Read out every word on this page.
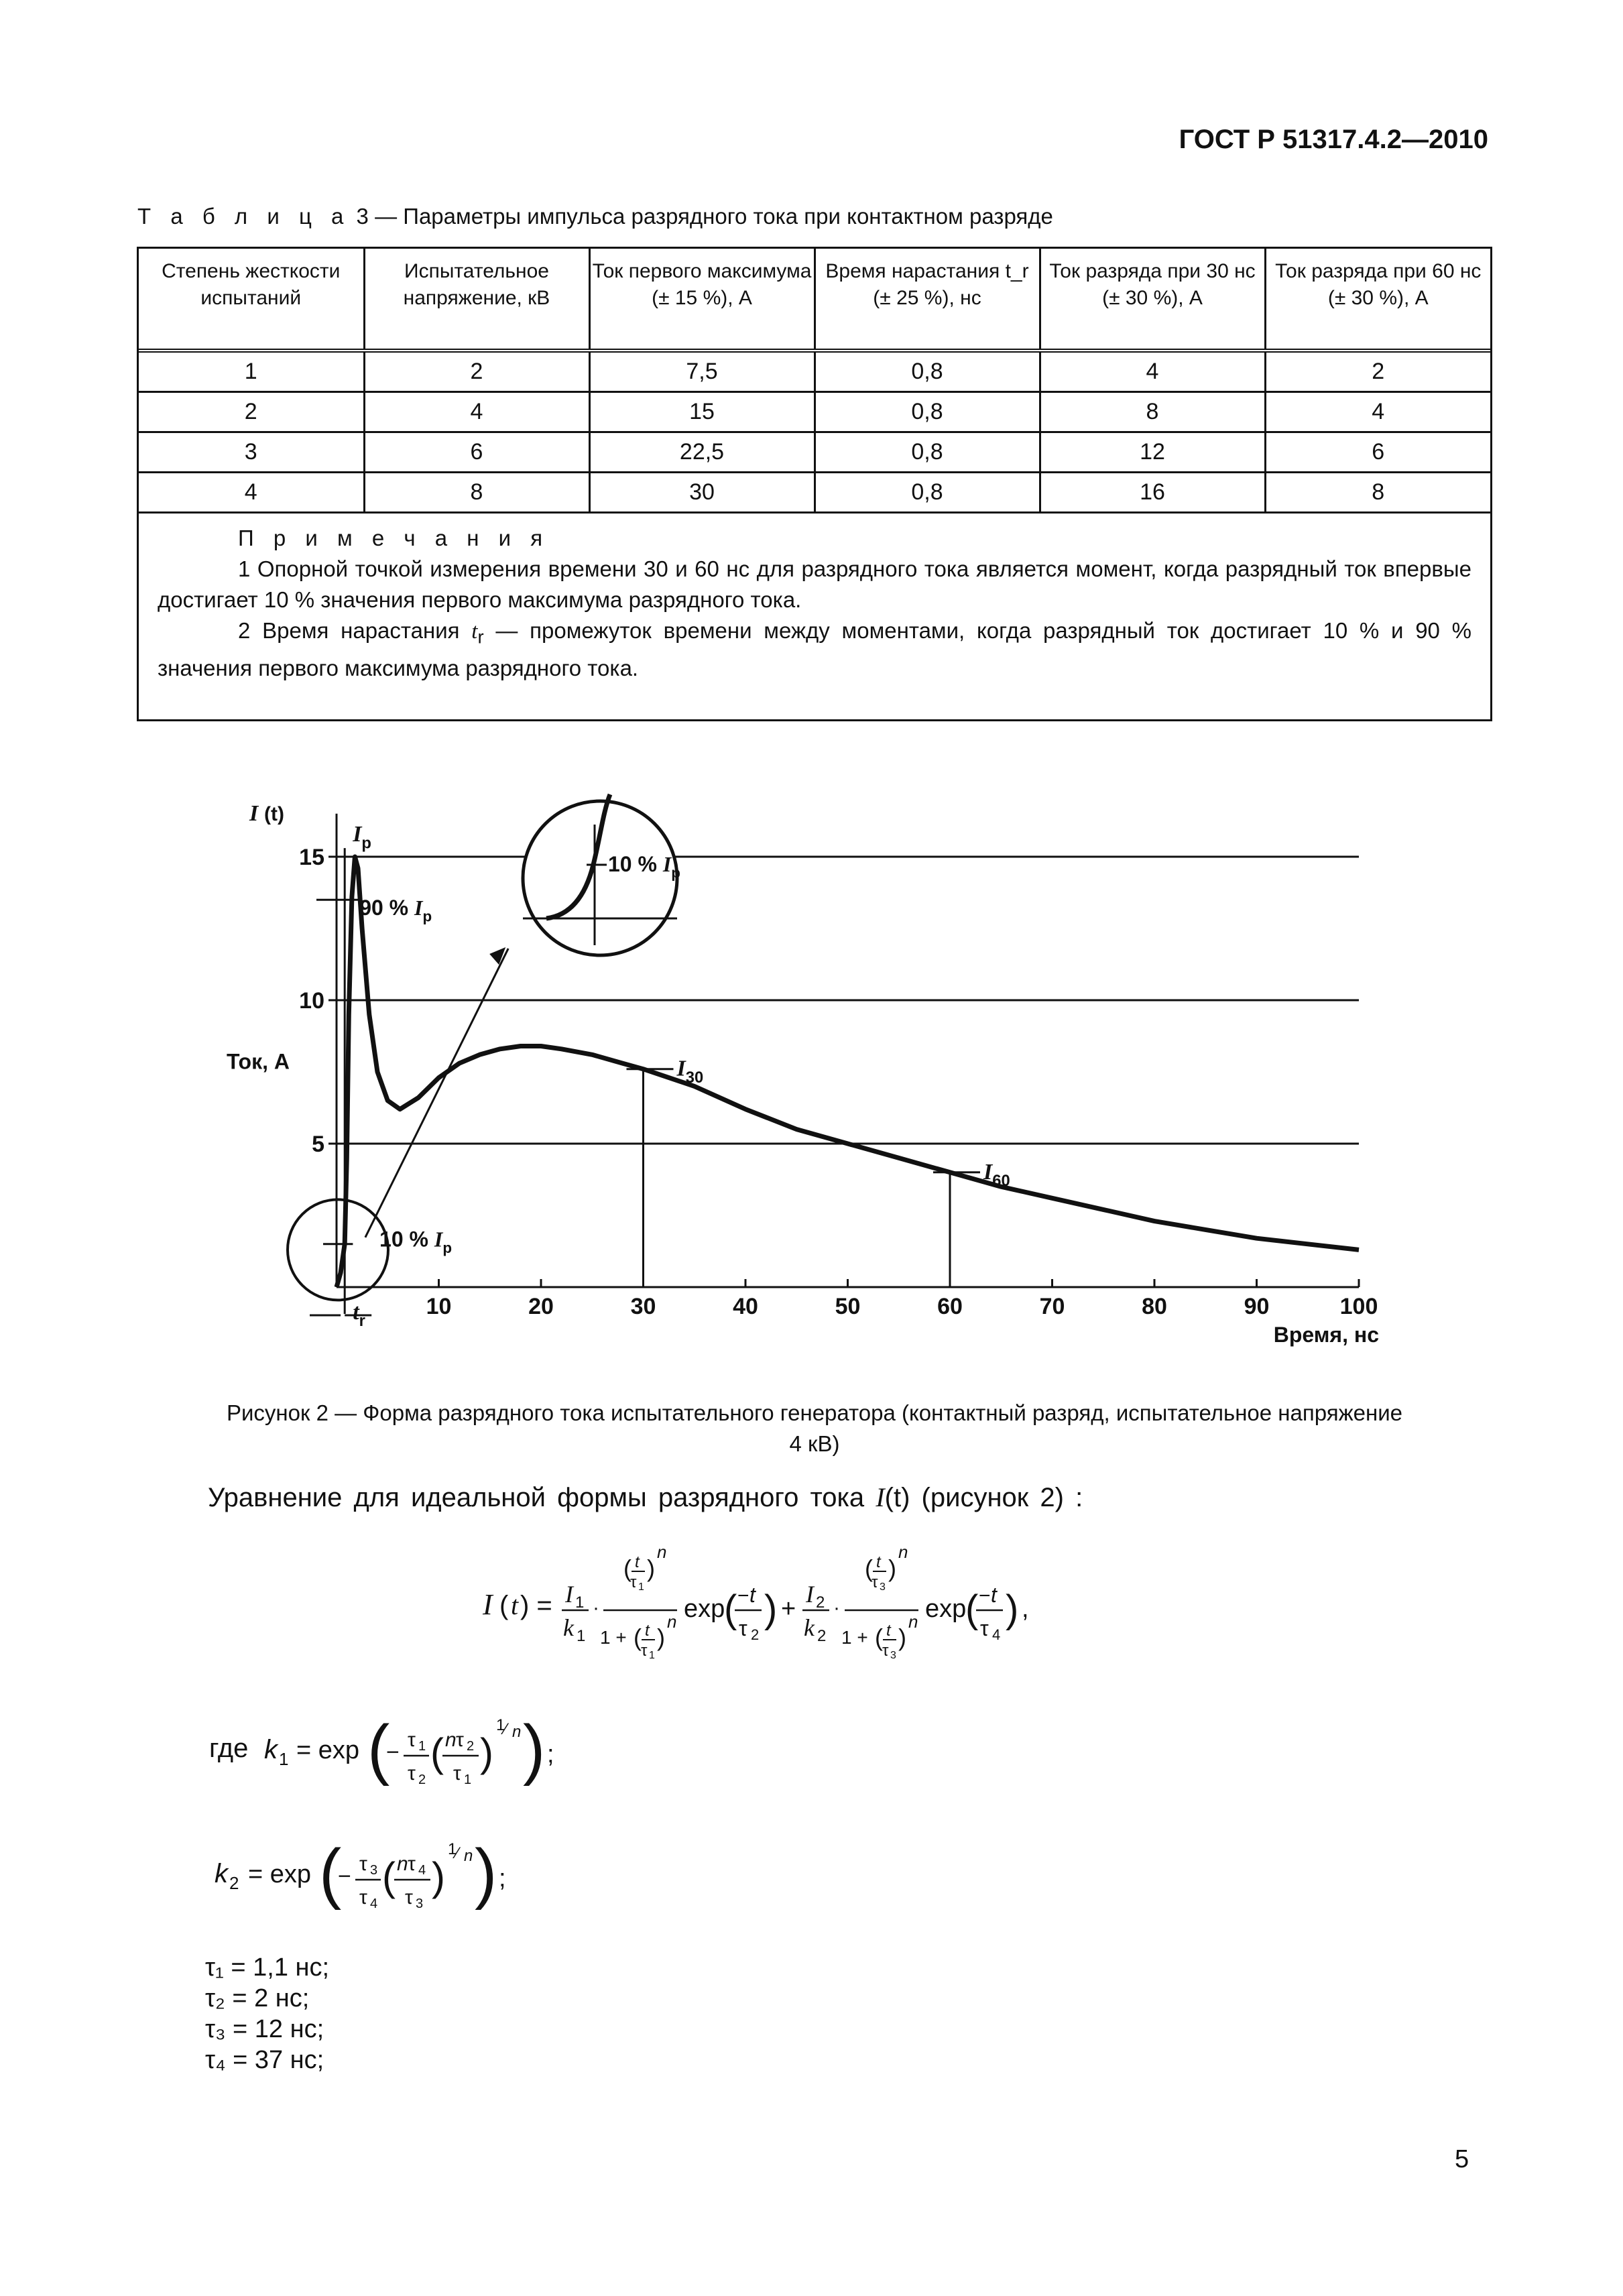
ГОСТ Р 51317.4.2—2010
Т а б л и ц а 3 — Параметры импульса разрядного тока при контактном разряде
Степень жесткости испытаний	Испытательное напряжение, кВ	Ток первого максимума (± 15 %), А	Время нарастания t_r (± 25 %), нс	Ток разряда при 30 нс (± 30 %), А	Ток разряда при 60 нс (± 30 %), А
1	2	7,5	0,8	4	2
2	4	15	0,8	8	4
3	6	22,5	0,8	12	6
4	8	30	0,8	16	8

П р и м е ч а н и я

1 Опорной точкой измерения времени 30 и 60 нс для разрядного тока является момент, когда разрядный ток впервые достигает 10 % значения первого максимума разрядного тока.

2 Время нарастания $t_r$ — промежуток времени между моментами, когда разрядный ток достигает 10 % и 90 % значения первого максимума разрядного тока.

10	20	30	40	50	60	70	80	90	100
5
10
15
I (t)
Ток, А
Время, нс
$I_p$
90 % $I_p$
10 % $I_p$
10 % $I_p$
$I_{30}$
$I_{60}$
$t_r$
Рисунок 2 — Форма разрядного тока испытательного генератора (контактный разряд, испытательное напряжение 4 кВ)
Уравнение для идеальной формы разрядного тока I(t) (рисунок 2) :
I ( t ) = I 1
k 1
·
( t
τ 1
)
n
1 + ( t
τ 1
)
n exp
( − t
τ 2
) +
I 2
k 2
·
( t
τ 3
)
n
1 + ( t
τ 3
)
n exp
( − t
τ 4
) ,
где k 1 = exp (
− τ 1
τ 2
( n τ 2
τ 1
)
1
⁄ n ) ;
k 2 = exp (
− τ 3
τ 4
( n τ 4
τ 3
)
1
⁄ n ) ;
τ₁ = 1,1 нс;
τ₂ = 2 нс;
τ₃ = 12 нс;
τ₄ = 37 нс;
5
